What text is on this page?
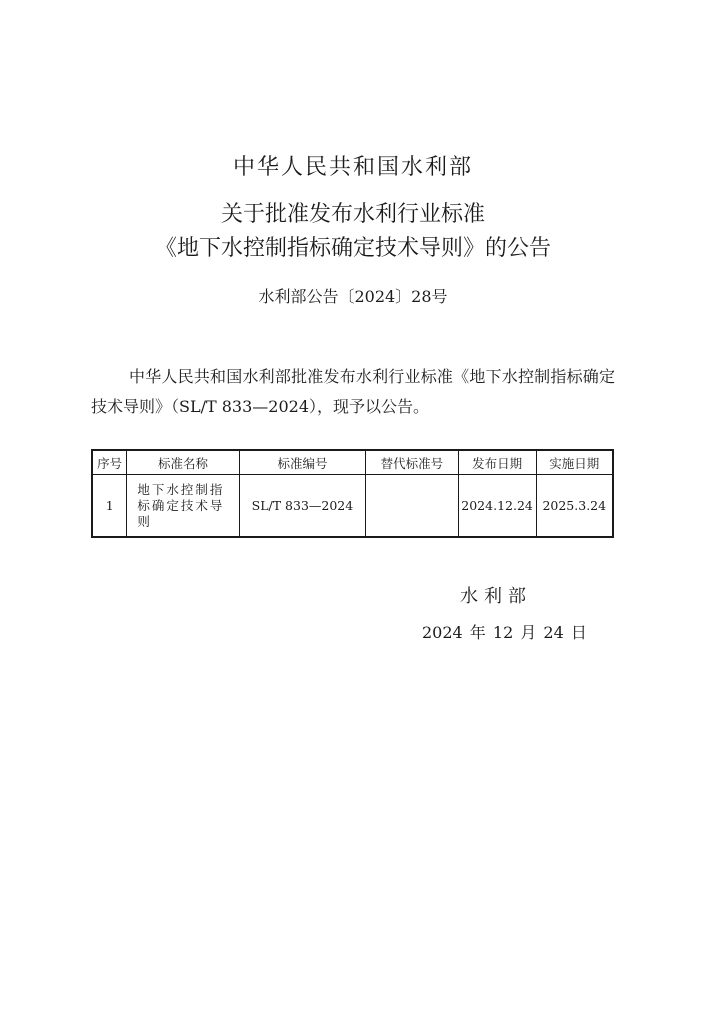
中华人民共和国水利部
关于批准发布水利行业标准
《地下水控制指标确定技术导则》的公告
水利部公告〔2024〕28号

中华人民共和国水利部批准发布水利行业标准《地下水控制指标确定技术导则》（SL/T 833—2024），现予以公告。

序号	标准名称	标准编号	替代标准号	发布日期	实施日期
1	地下水控制指标确定技术导则	SL/T 833—2024		2024.12.24	2025.3.24
水利部
2024 年 12 月 24 日
